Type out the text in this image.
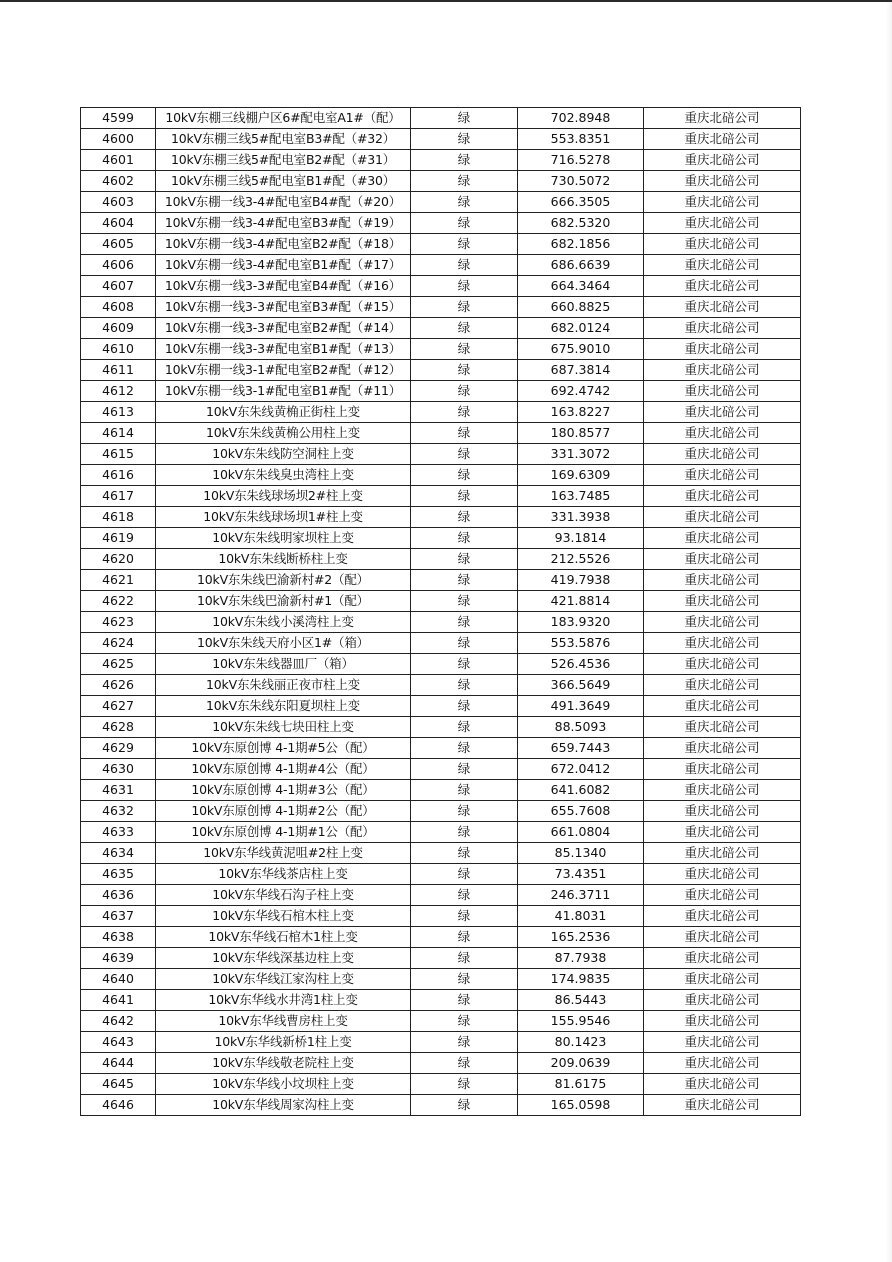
4599	10kV东棚三线棚户区6#配电室A1#（配）	绿	702.8948	重庆北碚公司
4600	10kV东棚三线5#配电室B3#配（#32）	绿	553.8351	重庆北碚公司
4601	10kV东棚三线5#配电室B2#配（#31）	绿	716.5278	重庆北碚公司
4602	10kV东棚三线5#配电室B1#配（#30）	绿	730.5072	重庆北碚公司
4603	10kV东棚一线3-4#配电室B4#配（#20）	绿	666.3505	重庆北碚公司
4604	10kV东棚一线3-4#配电室B3#配（#19）	绿	682.5320	重庆北碚公司
4605	10kV东棚一线3-4#配电室B2#配（#18）	绿	682.1856	重庆北碚公司
4606	10kV东棚一线3-4#配电室B1#配（#17）	绿	686.6639	重庆北碚公司
4607	10kV东棚一线3-3#配电室B4#配（#16）	绿	664.3464	重庆北碚公司
4608	10kV东棚一线3-3#配电室B3#配（#15）	绿	660.8825	重庆北碚公司
4609	10kV东棚一线3-3#配电室B2#配（#14）	绿	682.0124	重庆北碚公司
4610	10kV东棚一线3-3#配电室B1#配（#13）	绿	675.9010	重庆北碚公司
4611	10kV东棚一线3-1#配电室B2#配（#12）	绿	687.3814	重庆北碚公司
4612	10kV东棚一线3-1#配电室B1#配（#11）	绿	692.4742	重庆北碚公司
4613	10kV东朱线黄桷正街柱上变	绿	163.8227	重庆北碚公司
4614	10kV东朱线黄桷公用柱上变	绿	180.8577	重庆北碚公司
4615	10kV东朱线防空洞柱上变	绿	331.3072	重庆北碚公司
4616	10kV东朱线臭虫湾柱上变	绿	169.6309	重庆北碚公司
4617	10kV东朱线球场坝2#柱上变	绿	163.7485	重庆北碚公司
4618	10kV东朱线球场坝1#柱上变	绿	331.3938	重庆北碚公司
4619	10kV东朱线明家坝柱上变	绿	93.1814	重庆北碚公司
4620	10kV东朱线断桥柱上变	绿	212.5526	重庆北碚公司
4621	10kV东朱线巴渝新村#2（配）	绿	419.7938	重庆北碚公司
4622	10kV东朱线巴渝新村#1（配）	绿	421.8814	重庆北碚公司
4623	10kV东朱线小溪湾柱上变	绿	183.9320	重庆北碚公司
4624	10kV东朱线天府小区1#（箱）	绿	553.5876	重庆北碚公司
4625	10kV东朱线器皿厂（箱）	绿	526.4536	重庆北碚公司
4626	10kV东朱线丽正夜市柱上变	绿	366.5649	重庆北碚公司
4627	10kV东朱线东阳夏坝柱上变	绿	491.3649	重庆北碚公司
4628	10kV东朱线七块田柱上变	绿	88.5093	重庆北碚公司
4629	10kV东原创博 4-1期#5公（配）	绿	659.7443	重庆北碚公司
4630	10kV东原创博 4-1期#4公（配）	绿	672.0412	重庆北碚公司
4631	10kV东原创博 4-1期#3公（配）	绿	641.6082	重庆北碚公司
4632	10kV东原创博 4-1期#2公（配）	绿	655.7608	重庆北碚公司
4633	10kV东原创博 4-1期#1公（配）	绿	661.0804	重庆北碚公司
4634	10kV东华线黄泥咀#2柱上变	绿	85.1340	重庆北碚公司
4635	10kV东华线茶店柱上变	绿	73.4351	重庆北碚公司
4636	10kV东华线石沟子柱上变	绿	246.3711	重庆北碚公司
4637	10kV东华线石棺木柱上变	绿	41.8031	重庆北碚公司
4638	10kV东华线石棺木1柱上变	绿	165.2536	重庆北碚公司
4639	10kV东华线深基边柱上变	绿	87.7938	重庆北碚公司
4640	10kV东华线江家沟柱上变	绿	174.9835	重庆北碚公司
4641	10kV东华线水井湾1柱上变	绿	86.5443	重庆北碚公司
4642	10kV东华线曹房柱上变	绿	155.9546	重庆北碚公司
4643	10kV东华线新桥1柱上变	绿	80.1423	重庆北碚公司
4644	10kV东华线敬老院柱上变	绿	209.0639	重庆北碚公司
4645	10kV东华线小坟坝柱上变	绿	81.6175	重庆北碚公司
4646	10kV东华线周家沟柱上变	绿	165.0598	重庆北碚公司
